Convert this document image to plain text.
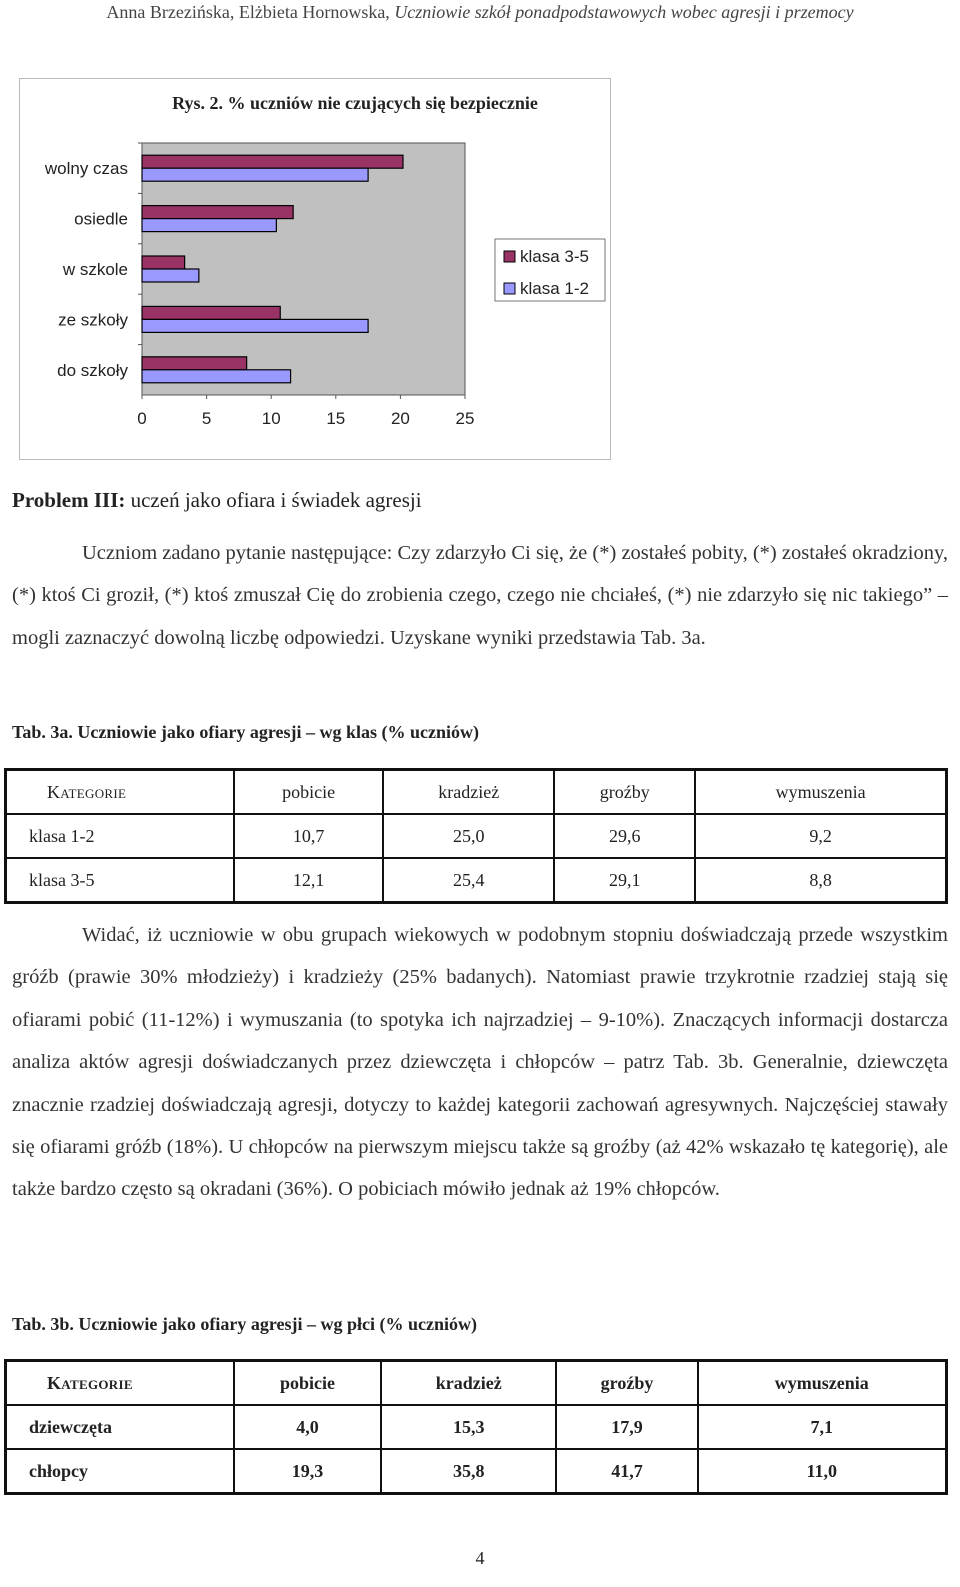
Anna Brzezińska, Elżbieta Hornowska, Uczniowie szkół ponadpodstawowych wobec agresji i przemocy
Rys. 2. % uczniów nie czujących się bezpiecznie
wolny czas
osiedle
w szkole
ze szkoły
do szkoły
0	5	10	15	20	25
klasa 3-5
klasa 1-2
Problem III: uczeń jako ofiara i świadek agresji
Uczniom zadano pytanie następujące: Czy zdarzyło Ci się, że (*) zostałeś pobity, (*) zostałeś okradziony, (*) ktoś Ci groził, (*) ktoś zmuszał Cię do zrobienia czego, czego nie chciałeś, (*) nie zdarzyło się nic takiego” – mogli zaznaczyć dowolną liczbę odpowiedzi. Uzyskane wyniki przedstawia Tab. 3a.
Tab. 3a. Uczniowie jako ofiary agresji – wg klas (% uczniów)
Kategorie	pobicie	kradzież	groźby	wymuszenia
klasa 1-2	10,7	25,0	29,6	9,2
klasa 3-5	12,1	25,4	29,1	8,8
Widać, iż uczniowie w obu grupach wiekowych w podobnym stopniu doświadczają przede wszystkim gróźb (prawie 30% młodzieży) i kradzieży (25% badanych). Natomiast prawie trzykrotnie rzadziej stają się ofiarami pobić (11-12%) i wymuszania (to spotyka ich najrzadziej – 9-10%). Znaczących informacji dostarcza analiza aktów agresji doświadczanych przez dziewczęta i chłopców – patrz Tab. 3b. Generalnie, dziewczęta znacznie rzadziej doświadczają agresji, dotyczy to każdej kategorii zachowań agresywnych. Najczęściej stawały się ofiarami gróźb (18%). U chłopców na pierwszym miejscu także są groźby (aż 42% wskazało tę kategorię), ale także bardzo często są okradani (36%). O pobiciach mówiło jednak aż 19% chłopców.
Tab. 3b. Uczniowie jako ofiary agresji – wg płci (% uczniów)
Kategorie	pobicie	kradzież	groźby	wymuszenia
dziewczęta	4,0	15,3	17,9	7,1
chłopcy	19,3	35,8	41,7	11,0
4
